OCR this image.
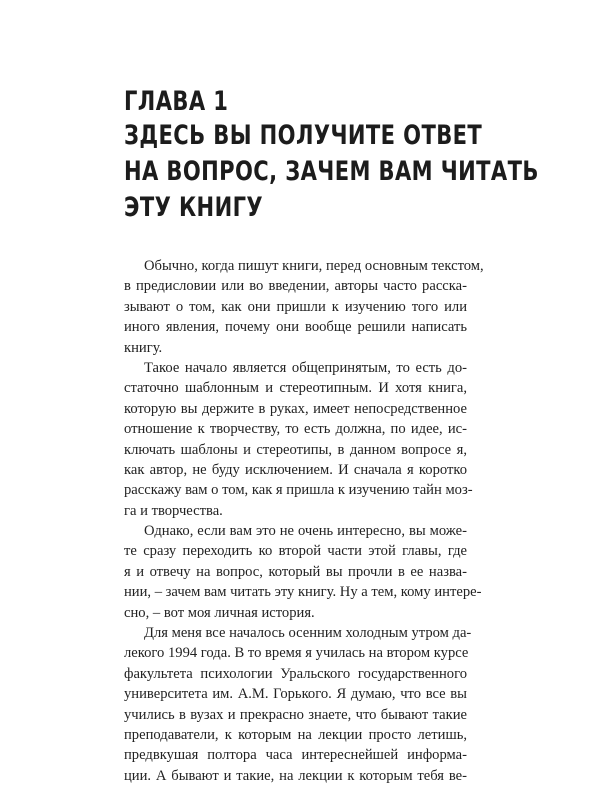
ГЛАВА 1
ЗДЕСЬ ВЫ ПОЛУЧИТЕ ОТВЕТ
НА ВОПРОС, ЗАЧЕМ ВАМ ЧИТАТЬ
ЭТУ КНИГУ
Обычно, когда пишут книги, перед основным текстом,
в предисловии или во введении, авторы часто расска-
зывают о том, как они пришли к изучению того или
иного явления, почему они вообще решили написать
книгу.
Такое начало является общепринятым, то есть до-
статочно шаблонным и стереотипным. И хотя книга,
которую вы держите в руках, имеет непосредственное
отношение к творчеству, то есть должна, по идее, ис-
ключать шаблоны и стереотипы, в данном вопросе я,
как автор, не буду исключением. И сначала я коротко
расскажу вам о том, как я пришла к изучению тайн моз-
га и творчества.
Однако, если вам это не очень интересно, вы може-
те сразу переходить ко второй части этой главы, где
я и отвечу на вопрос, который вы прочли в ее назва-
нии, – зачем вам читать эту книгу. Ну а тем, кому интере-
сно, – вот моя личная история.
Для меня все началось осенним холодным утром да-
лекого 1994 года. В то время я училась на втором курсе
факультета психологии Уральского государственного
университета им. А.М. Горького. Я думаю, что все вы
учились в вузах и прекрасно знаете, что бывают такие
преподаватели, к которым на лекции просто летишь,
предвкушая полтора часа интереснейшей информа-
ции. А бывают и такие, на лекции к которым тебя ве-
